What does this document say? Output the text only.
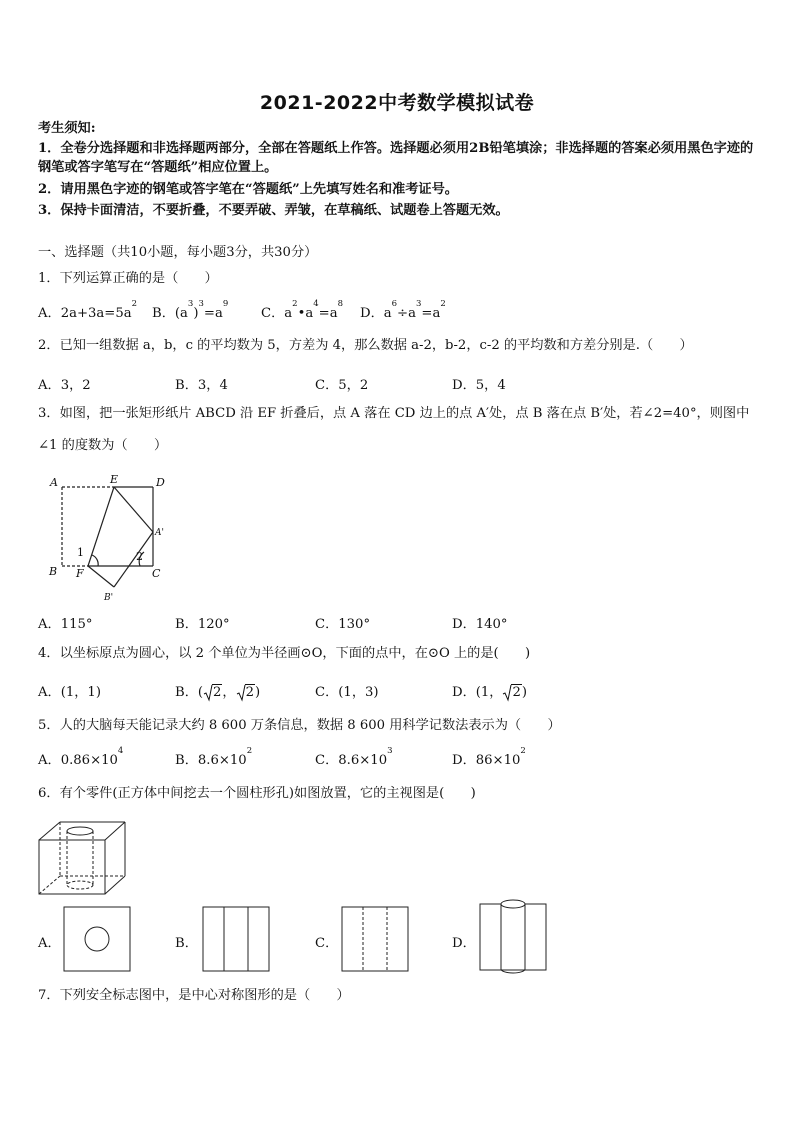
2021-2022中考数学模拟试卷
考生须知:
1．全卷分选择题和非选择题两部分，全部在答题纸上作答。选择题必须用2B铅笔填涂；非选择题的答案必须用黑色字迹的钢笔或答字笔写在“答题纸”相应位置上。
2．请用黑色字迹的钢笔或答字笔在“答题纸”上先填写姓名和准考证号。
3．保持卡面清洁，不要折叠，不要弄破、弄皱，在草稿纸、试题卷上答题无效。
一、选择题（共10小题，每小题3分，共30分）
1．下列运算正确的是（　　）
A．$2a+3a=5a^2$
B．$(a^3)^3=a^9$
C．$a^2•a^4=a^8$
D．$a^6\div a^3=a^2$
2．已知一组数据 a，b，c 的平均数为 5，方差为 4，那么数据 a-2，b-2，c-2 的平均数和方差分别是.（　　）
A．3，2	B．3，4	C．5，2	D．5，4
3．如图，把一张矩形纸片 ABCD 沿 EF 折叠后，点 A 落在 CD 边上的点 A′处，点 B 落在点 B′处，若∠2=40°，则图中
∠1 的度数为（　　）
A	E	D
A'
2
1
B F	C
B'
A．115°	B．120°	C．130°	D．140°
4．以坐标原点为圆心，以 2 个单位为半径画⊙O，下面的点中，在⊙O 上的是(　　)
A．(1，1)	B．( 2， 2)	C．(1，3)	D．(1， 2)
5．人的大脑每天能记录大约 8 600 万条信息，数据 8 600 用科学记数法表示为（　　）
A．$0.86\times 10^4$
B．$8.6\times 10^2$
C．$8.6\times 10^3$
D．$86\times 10^2$
6．有个零件(正方体中间挖去一个圆柱形孔)如图放置，它的主视图是(　　)
A．	B．	C．	D．
7．下列安全标志图中，是中心对称图形的是（　　）
